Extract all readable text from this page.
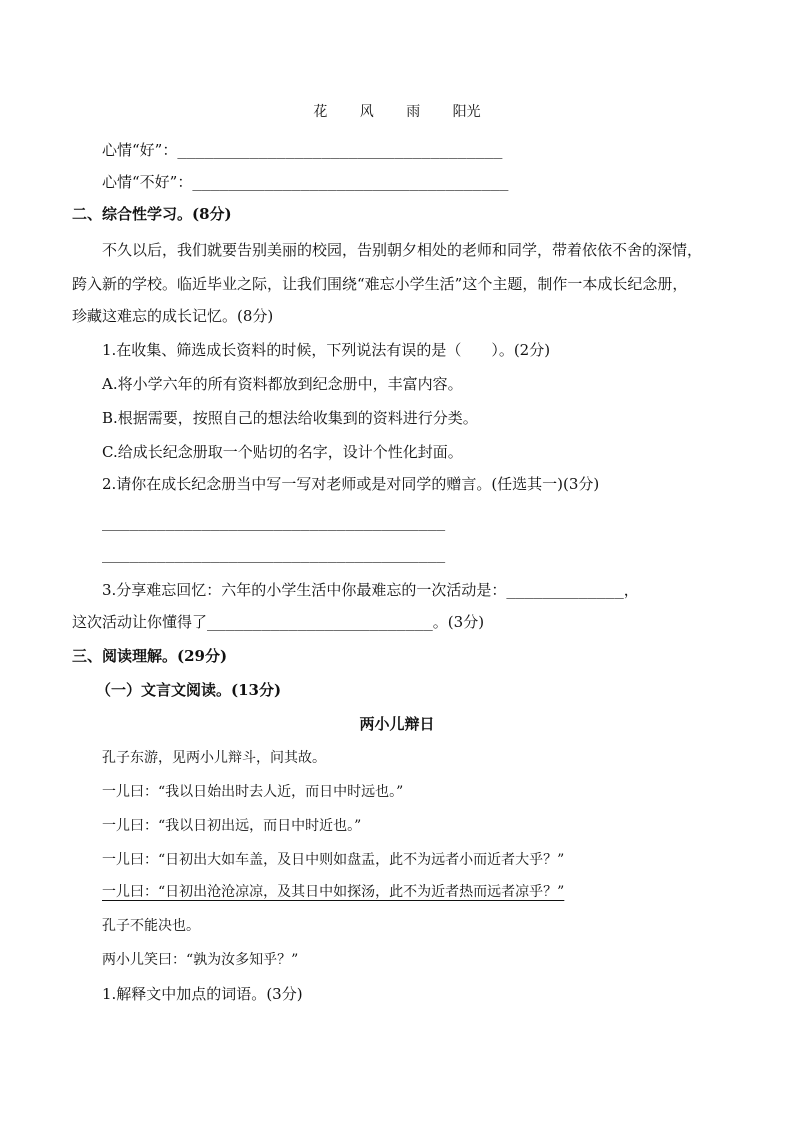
花 风 雨 阳光
心情“好”：____________________________________
心情“不好”：___________________________________
二、综合性学习。(8分)
不久以后，我们就要告别美丽的校园，告别朝夕相处的老师和同学，带着依依不舍的深情，
跨入新的学校。临近毕业之际，让我们围绕“难忘小学生活”这个主题，制作一本成长纪念册，
珍藏这难忘的成长记忆。(8分)
1.在收集、筛选成长资料的时候，下列说法有误的是（　　）。(2分)
A.将小学六年的所有资料都放到纪念册中，丰富内容。
B.根据需要，按照自己的想法给收集到的资料进行分类。
C.给成长纪念册取一个贴切的名字，设计个性化封面。
2.请你在成长纪念册当中写一写对老师或是对同学的赠言。(任选其一)(3分)
______________________________________
______________________________________
3.分享难忘回忆：六年的小学生活中你最难忘的一次活动是：_____________，
这次活动让你懂得了_________________________。(3分)
三、阅读理解。(29分)
（一）文言文阅读。(13分)
两小儿辩日
孔子东游，见两小儿辩斗，问其故。
一儿曰：“我以日始出时去人近，而日中时远也。”
一儿曰：“我以日初出远，而日中时近也。”
一儿曰：“日初出大如车盖，及日中则如盘盂，此不为远者小而近者大乎？”
一儿曰：“日初出沧沧凉凉，及其日中如探汤，此不为近者热而远者凉乎？”
孔子不能决也。
两小儿笑曰：“孰为汝多知乎？”
1.解释文中加点的词语。(3分)
